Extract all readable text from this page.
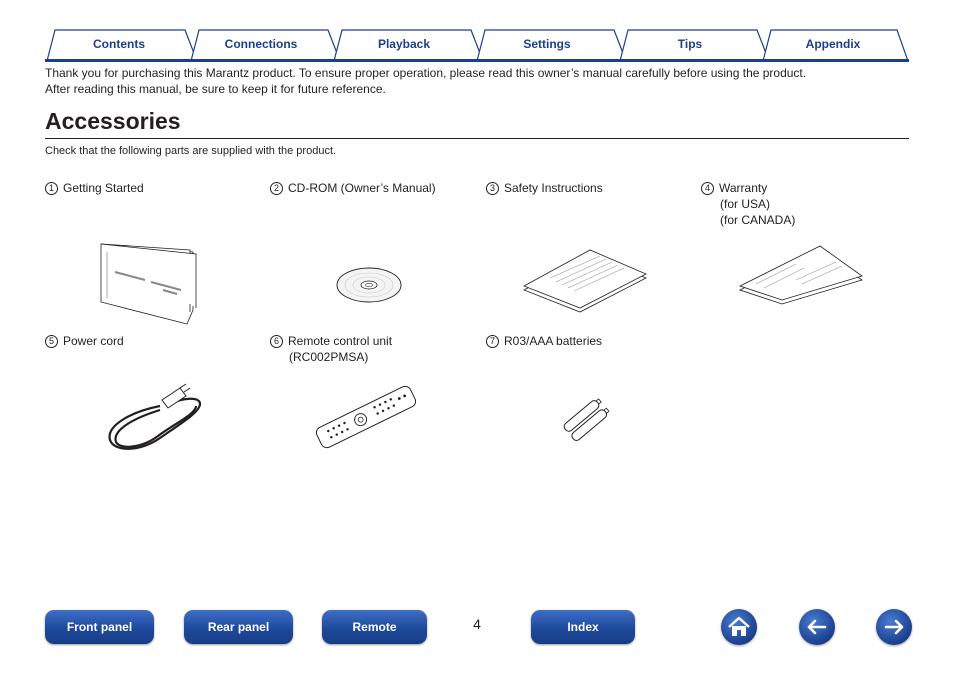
Contents	Connections	Playback	Settings	Tips	Appendix
Thank you for purchasing this Marantz product. To ensure proper operation, please read this owner’s manual carefully before using the product.
After reading this manual, be sure to keep it for future reference.
Accessories
Check that the following parts are supplied with the product.
1 Getting Started	2 CD-ROM (Owner’s Manual)	3 Safety Instructions	4 Warranty
(for USA)
(for CANADA)
5 Power cord	6 Remote control unit
(RC002PMSA)
7 R03/AAA batteries
Front panel	Rear panel	Remote	4	Index
